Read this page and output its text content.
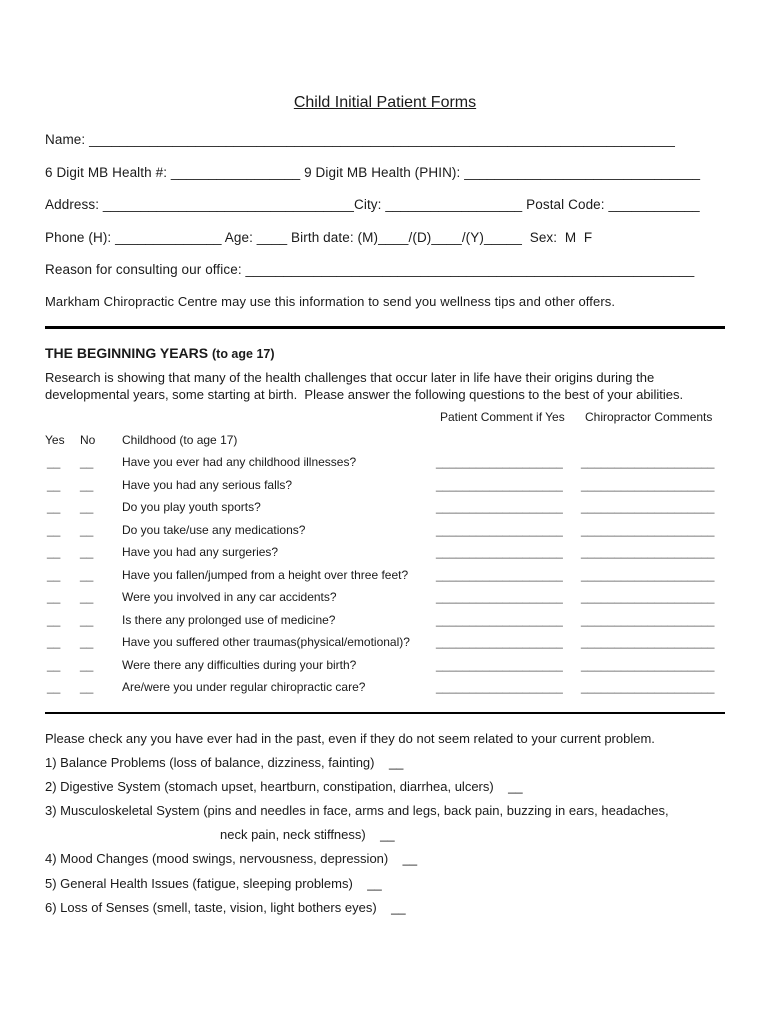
Child Initial Patient Forms
Name: _____________________________________________________________________________
6 Digit MB Health #: _________________ 9 Digit MB Health (PHIN): _______________________________
Address: _________________________________City: __________________ Postal Code: ____________
Phone (H): ______________ Age: ____ Birth date: (M)____/(D)____/(Y)_____  Sex:  M  F
Reason for consulting our office: ___________________________________________________________
Markham Chiropractic Centre may use this information to send you wellness tips and other offers.
THE BEGINNING YEARS (to age 17)
Research is showing that many of the health challenges that occur later in life have their origins during the
developmental years, some starting at birth.  Please answer the following questions to the best of your abilities.
Patient Comment if Yes Chiropractor Comments
Yes No Childhood (to age 17)
__ __ Have you ever had any childhood illnesses?	___________________ ____________________
__ __ Have you had any serious falls?	___________________ ____________________
__ __ Do you play youth sports?	___________________ ____________________
__ __ Do you take/use any medications?	___________________ ____________________
__ __ Have you had any surgeries?	___________________ ____________________
__ __ Have you fallen/jumped from a height over three feet? ___________________ ____________________
__ __ Were you involved in any car accidents?	___________________ ____________________
__ __ Is there any prolonged use of medicine?	___________________ ____________________
__ __ Have you suffered other traumas(physical/emotional)? ___________________ ____________________
__ __ Were there any difficulties during your birth?	___________________ ____________________
__ __ Are/were you under regular chiropractic care?	___________________ ____________________
Please check any you have ever had in the past, even if they do not seem related to your current problem.
1) Balance Problems (loss of balance, dizziness, fainting)    __
2) Digestive System (stomach upset, heartburn, constipation, diarrhea, ulcers)    __
3) Musculoskeletal System (pins and needles in face, arms and legs, back pain, buzzing in ears, headaches,
neck pain, neck stiffness)    __
4) Mood Changes (mood swings, nervousness, depression)    __
5) General Health Issues (fatigue, sleeping problems)    __
6) Loss of Senses (smell, taste, vision, light bothers eyes)    __
